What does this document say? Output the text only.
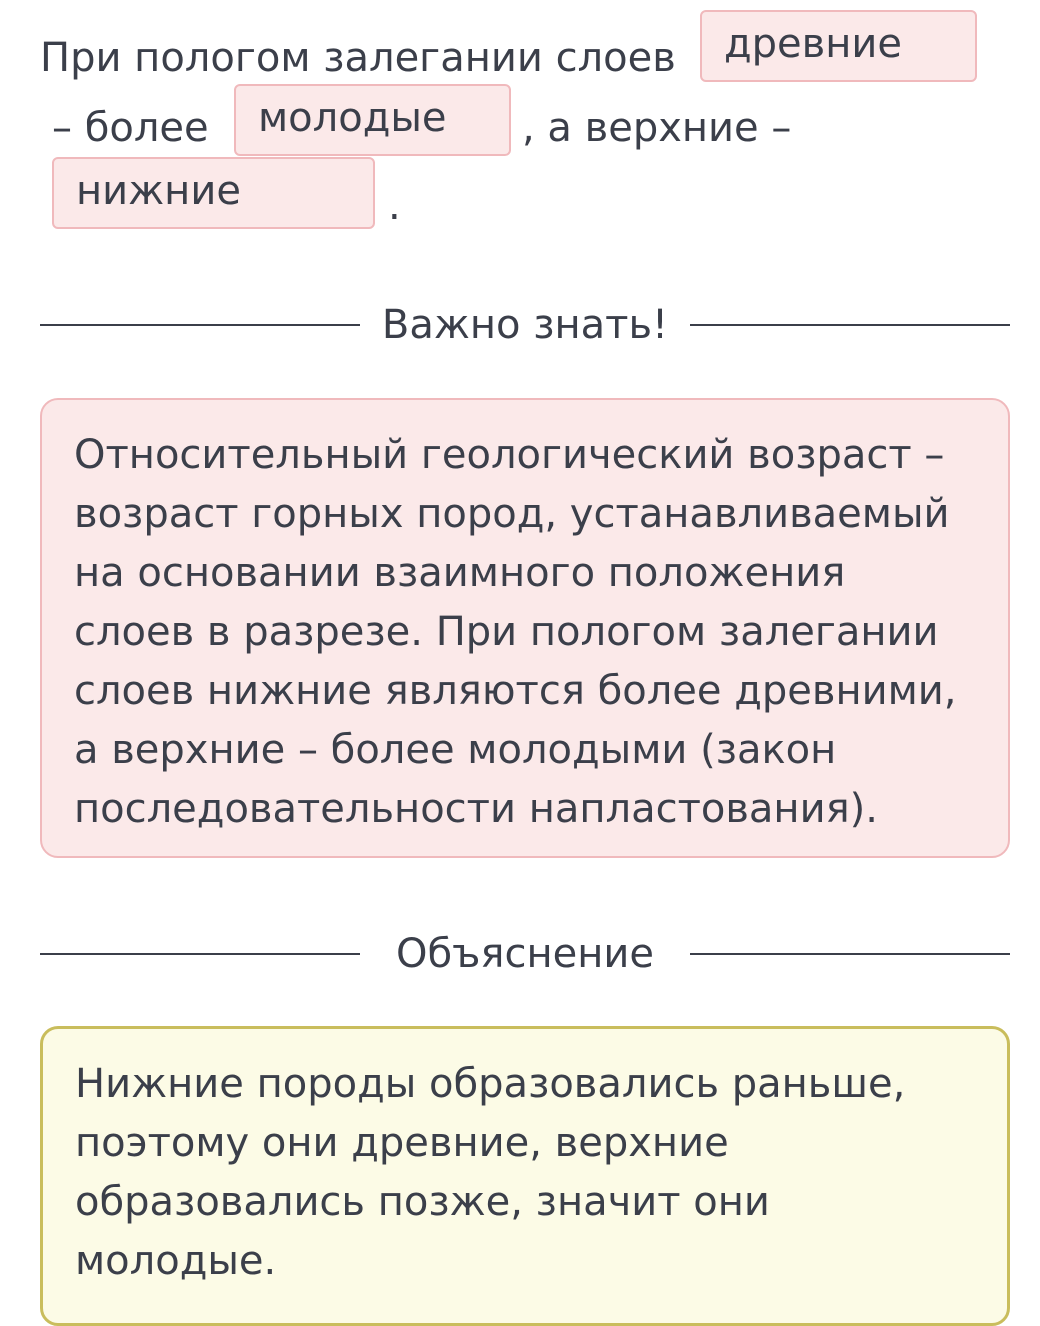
При пологом залегании слоев	древние
– более	молодые	, а верхние –
нижние	.
Важно знать!

Относительный геологический возраст – возраст горных пород, устанавливаемый на основании взаимного положения слоев в разрезе. При пологом залегании слоев нижние являются более древними, а верхние – более молодыми (закон последовательности напластования).

Объяснение

Нижние породы образовались раньше, поэтому они древние, верхние образовались позже, значит они молодые.
